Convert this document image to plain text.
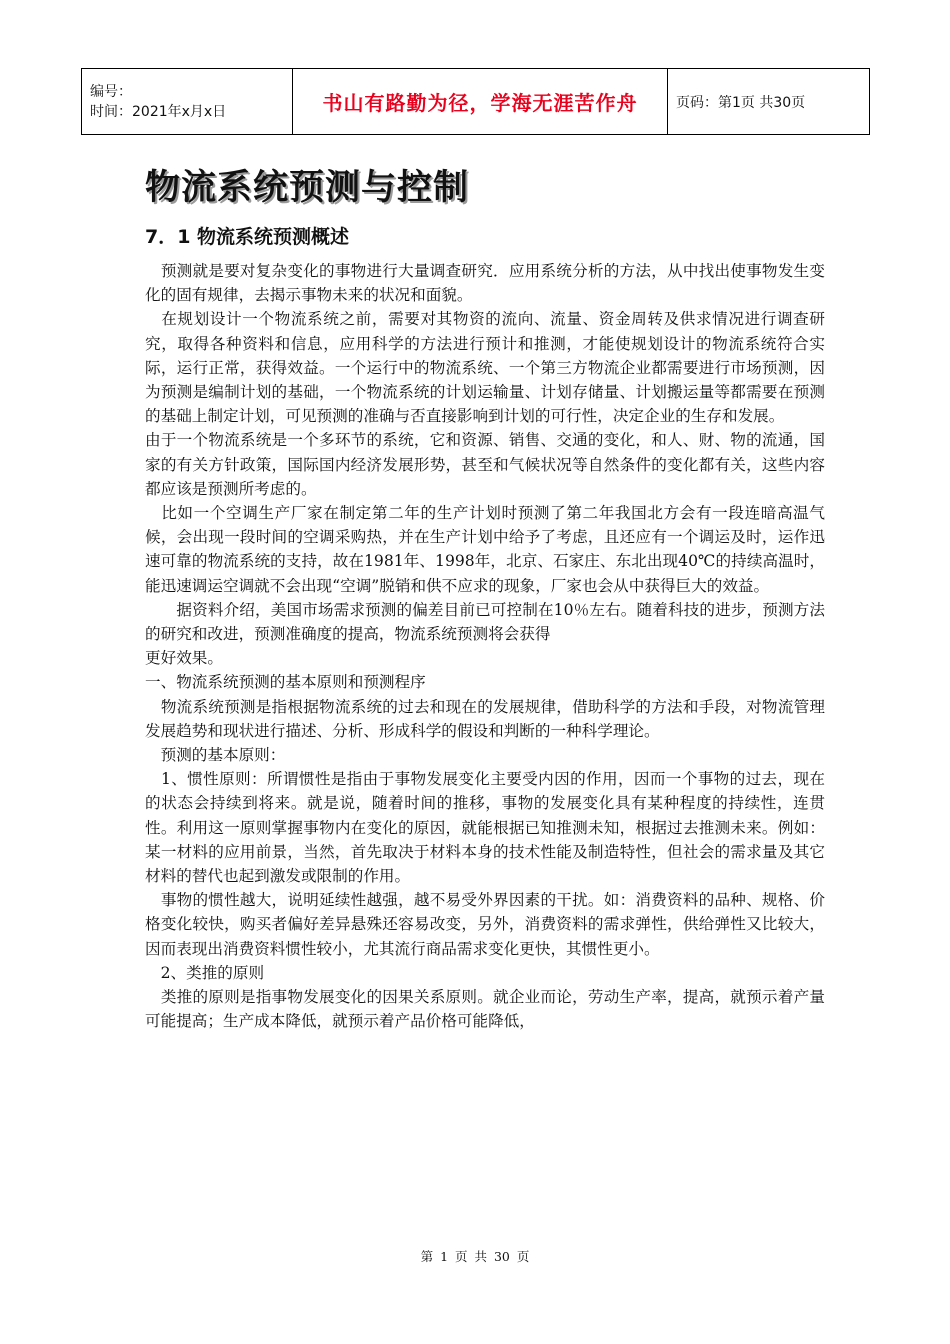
编号：
时间：2021年x月x日	书山有路勤为径，学海无涯苦作舟	页码：第1页 共30页
物流系统预测与控制
7．1 物流系统预测概述

　预测就是要对复杂变化的事物进行大量调查研究．应用系统分析的方法，从中找出使事物发生变化的固有规律，去揭示事物未来的状况和面貌。

　在规划设计一个物流系统之前，需要对其物资的流向、流量、资金周转及供求情况进行调查研究，取得各种资料和信息，应用科学的方法进行预计和推测，才能使规划设计的物流系统符合实际，运行正常，获得效益。一个运行中的物流系统、一个第三方物流企业都需要进行市场预测，因为预测是编制计划的基础，一个物流系统的计划运输量、计划存储量、计划搬运量等都需要在预测的基础上制定计划，可见预测的准确与否直接影响到计划的可行性，决定企业的生存和发展。

由于一个物流系统是一个多环节的系统，它和资源、销售、交通的变化，和人、财、物的流通，国家的有关方针政策，国际国内经济发展形势，甚至和气候状况等自然条件的变化都有关，这些内容都应该是预测所考虑的。

　比如一个空调生产厂家在制定第二年的生产计划时预测了第二年我国北方会有一段连暗高温气候，会出现一段时间的空调采购热，并在生产计划中给予了考虑，且还应有一个调运及时，运作迅速可靠的物流系统的支持，故在1981年、1998年，北京、石家庄、东北出现40℃的持续高温时，能迅速调运空调就不会出现“空调”脱销和供不应求的现象，厂家也会从中获得巨大的效益。

　　据资料介绍，美国市场需求预测的偏差目前已可控制在10％左右。随着科技的进步，预测方法的研究和改进，预测准确度的提高，物流系统预测将会获得

更好效果。

一、物流系统预测的基本原则和预测程序

　物流系统预测是指根据物流系统的过去和现在的发展规律，借助科学的方法和手段，对物流管理发展趋势和现状进行描述、分析、形成科学的假设和判断的一种科学理论。

　预测的基本原则：

　1、惯性原则：所谓惯性是指由于事物发展变化主要受内因的作用，因而一个事物的过去，现在的状态会持续到将来。就是说，随着时间的推移，事物的发展变化具有某种程度的持续性，连贯性。利用这一原则掌握事物内在变化的原因，就能根据已知推测未知，根据过去推测未来。例如：某一材料的应用前景，当然，首先取决于材料本身的技术性能及制造特性，但社会的需求量及其它材料的替代也起到激发或限制的作用。

　事物的惯性越大，说明延续性越强，越不易受外界因素的干扰。如：消费资料的品种、规格、价格变化较快，购买者偏好差异悬殊还容易改变，另外，消费资料的需求弹性，供给弹性又比较大，因而表现出消费资料惯性较小，尤其流行商品需求变化更快，其惯性更小。

　2、类推的原则

　类推的原则是指事物发展变化的因果关系原则。就企业而论，劳动生产率，提高，就预示着产量可能提高；生产成本降低，就预示着产品价格可能降低，

第 1 页 共 30 页
